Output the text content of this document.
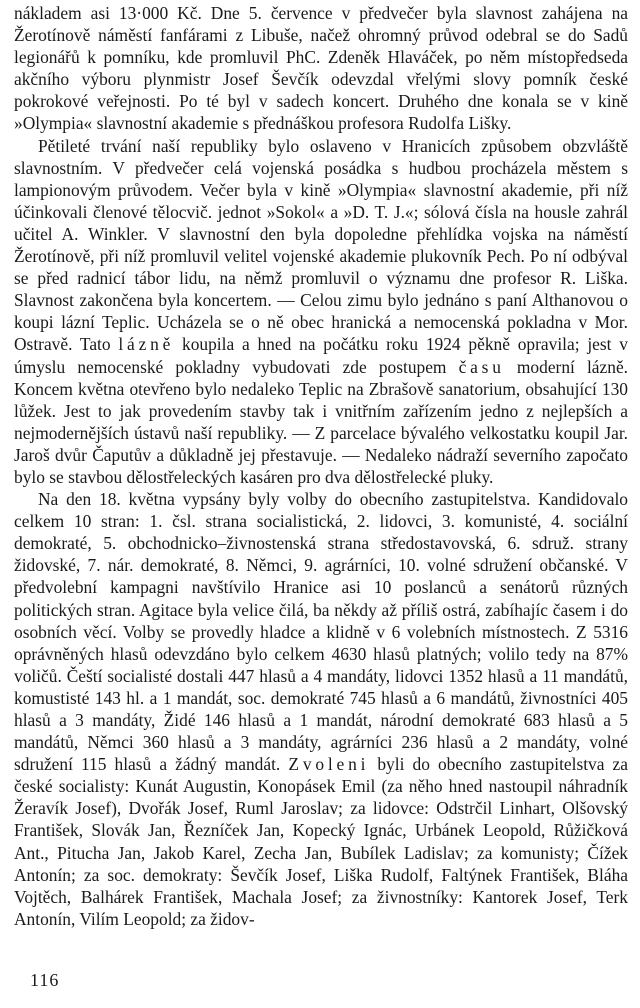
nákladem asi 13·000 Kč. Dne 5. července v předvečer byla slavnost zahájena na Žerotínově náměstí fanfárami z Libuše, načež ohromný průvod odebral se do Sadů legionářů k pomníku, kde promluvil PhC. Zdeněk Hlaváček, po něm místopředseda akčního výboru plynmistr Josef Ševčík odevzdal vřelými slovy pomník české pokrokové veřejnosti. Po té byl v sadech koncert. Druhého dne konala se v kině »Olympia« slavnostní akademie s přednáškou profesora Rudolfa Lišky.

Pětileté trvání naší republiky bylo oslaveno v Hranicích způsobem obzvláště slavnostním. V předvečer celá vojenská posádka s hudbou procházela městem s lampionovým průvodem. Večer byla v kině »Olympia« slavnostní akademie, při níž účinkovali členové tělocvič. jednot »Sokol« a »D. T. J.«; sólová čísla na housle zahrál učitel A. Winkler. V slavnostní den byla dopoledne přehlídka vojska na náměstí Žerotínově, při níž promluvil velitel vojenské akademie plukovník Pech. Po ní odbýval se před radnicí tábor lidu, na němž promluvil o významu dne profesor R. Liška. Slavnost zakončena byla koncertem. — Celou zimu bylo jednáno s paní Althanovou o koupi lázní Teplic. Ucházela se o ně obec hranická a nemocenská pokladna v Mor. Ostravě. Tato lázně koupila a hned na počátku roku 1924 pěkně opravila; jest v úmyslu nemocenské pokladny vybudovati zde postupem času moderní lázně. Koncem května otevřeno bylo nedaleko Teplic na Zbrašově sanatorium, obsahující 130 lůžek. Jest to jak provedením stavby tak i vnitřním zařízením jedno z nejlepších a nejmodernějších ústavů naší republiky. — Z parcelace bývalého velkostatku koupil Jar. Jaroš dvůr Čaputův a důkladně jej přestavuje. — Nedaleko nádraží severního započato bylo se stavbou dělostřeleckých kasáren pro dva dělostřelecké pluky.

Na den 18. května vypsány byly volby do obecního zastupitelstva. Kandidovalo celkem 10 stran: 1. čsl. strana socialistická, 2. lidovci, 3. komunisté, 4. sociální demokraté, 5. obchodnicko–živnostenská strana středostavovská, 6. sdruž. strany židovské, 7. nár. demokraté, 8. Němci, 9. agrárníci, 10. volné sdružení občanské. V předvolební kampagni navštívilo Hranice asi 10 poslanců a senátorů různých politických stran. Agitace byla velice čilá, ba někdy až příliš ostrá, zabíhajíc časem i do osobních věcí. Volby se provedly hladce a klidně v 6 volebních místnostech. Z 5316 oprávněných hlasů odevzdáno bylo celkem 4630 hlasů platných; volilo tedy na 87% voličů. Čeští socialisté dostali 447 hlasů a 4 mandáty, lidovci 1352 hlasů a 11 mandátů, komustisté 143 hl. a 1 mandát, soc. demokraté 745 hlasů a 6 mandátů, živnostníci 405 hlasů a 3 mandáty, Židé 146 hlasů a 1 mandát, národní demokraté 683 hlasů a 5 mandátů, Němci 360 hlasů a 3 mandáty, agrárníci 236 hlasů a 2 mandáty, volné sdružení 115 hlasů a žádný mandát. Zvoleni byli do obecního zastupitelstva za české socialisty: Kunát Augustin, Konopásek Emil (za něho hned nastoupil náhradník Žeravík Josef), Dvořák Josef, Ruml Jaroslav; za lidovce: Odstrčil Linhart, Olšovský František, Slovák Jan, Řezníček Jan, Kopecký Ignác, Urbánek Leopold, Růžičková Ant., Pitucha Jan, Jakob Karel, Zecha Jan, Bubílek Ladislav; za komunisty; Čížek Antonín; za soc. demokraty: Ševčík Josef, Liška Rudolf, Faltýnek František, Bláha Vojtěch, Balhárek František, Machala Josef; za živnostníky: Kantorek Josef, Terk Antonín, Vilím Leopold; za židov-

116
